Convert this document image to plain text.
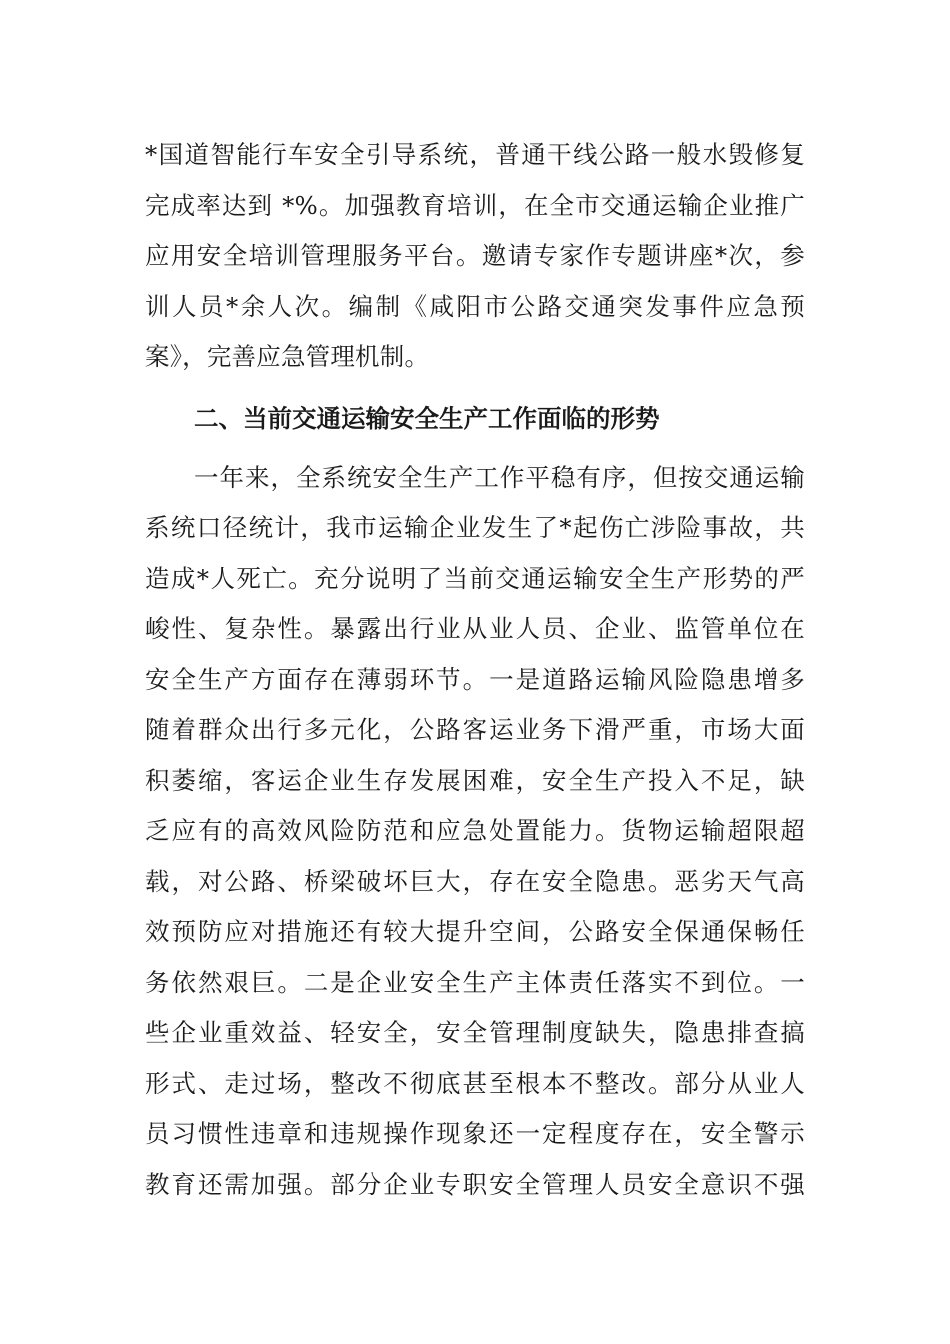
*国道智能行车安全引导系统，普通干线公路一般水毁修复
完成率达到 *%。加强教育培训，在全市交通运输企业推广
应用安全培训管理服务平台。邀请专家作专题讲座*次，参
训人员*余人次。编制《咸阳市公路交通突发事件应急预
案》，完善应急管理机制。
二、当前交通运输安全生产工作面临的形势
一年来，全系统安全生产工作平稳有序，但按交通运输
系统口径统计，我市运输企业发生了*起伤亡涉险事故，共
造成*人死亡。充分说明了当前交通运输安全生产形势的严
峻性、复杂性。暴露出行业从业人员、企业、监管单位在
安全生产方面存在薄弱环节。一是道路运输风险隐患增多
随着群众出行多元化，公路客运业务下滑严重，市场大面
积萎缩，客运企业生存发展困难，安全生产投入不足，缺
乏应有的高效风险防范和应急处置能力。货物运输超限超
载，对公路、桥梁破坏巨大，存在安全隐患。恶劣天气高
效预防应对措施还有较大提升空间，公路安全保通保畅任
务依然艰巨。二是企业安全生产主体责任落实不到位。一
些企业重效益、轻安全，安全管理制度缺失，隐患排查搞
形式、走过场，整改不彻底甚至根本不整改。部分从业人
员习惯性违章和违规操作现象还一定程度存在，安全警示
教育还需加强。部分企业专职安全管理人员安全意识不强
